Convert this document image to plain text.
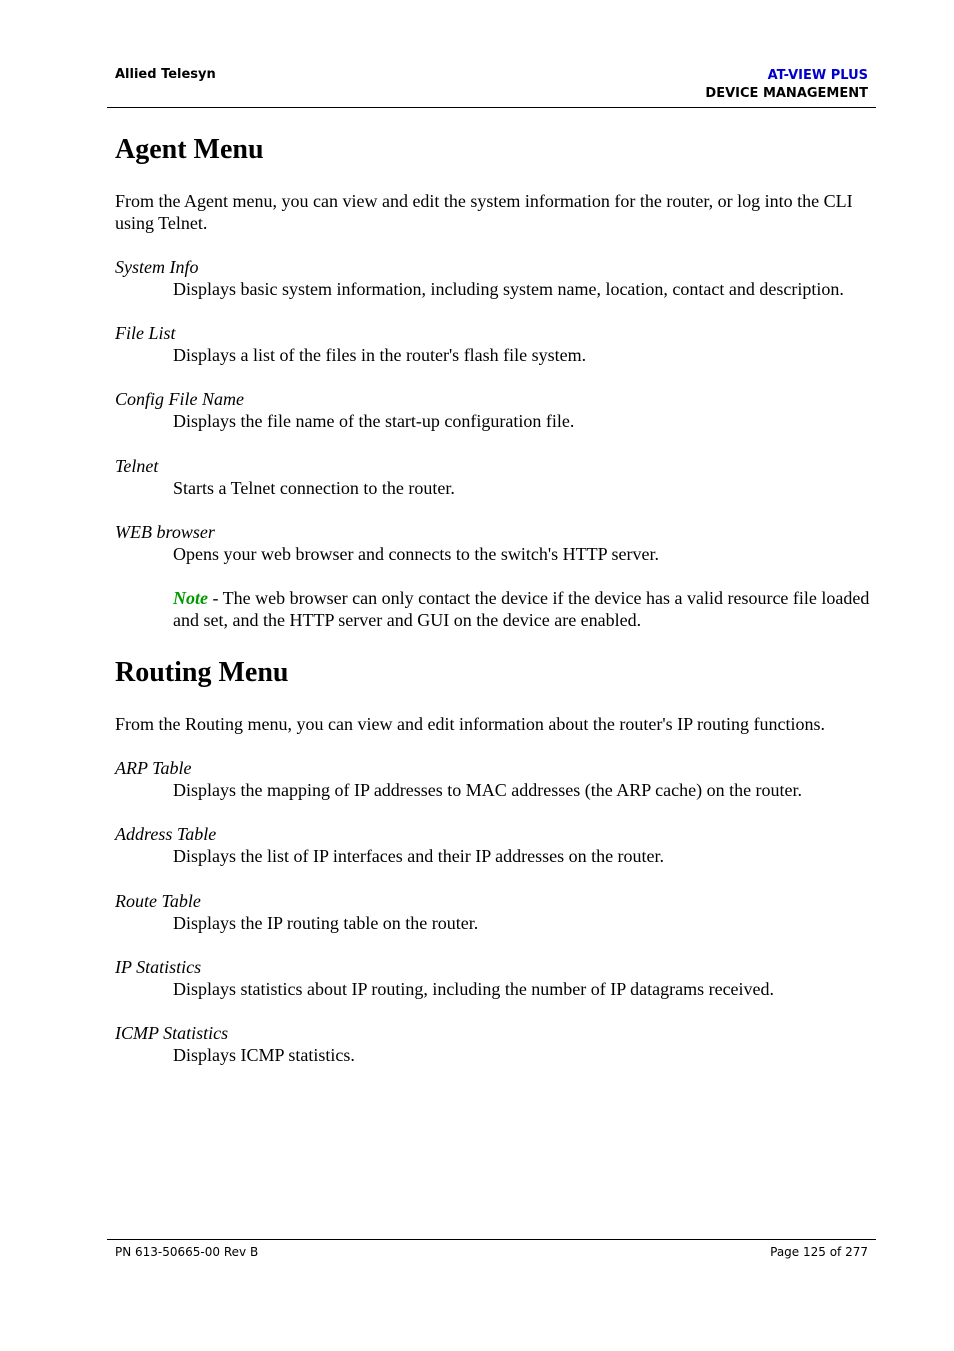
Allied Telesyn	AT-VIEW PLUS
DEVICE MANAGEMENT
Agent Menu

From the Agent menu, you can view and edit the system information for the router, or log into the CLI using Telnet.

System Info

Displays basic system information, including system name, location, contact and description.

File List

Displays a list of the files in the router's flash file system.

Config File Name

Displays the file name of the start-up configuration file.

Telnet

Starts a Telnet connection to the router.

WEB browser

Opens your web browser and connects to the switch's HTTP server.

Note - The web browser can only contact the device if the device has a valid resource file loaded and set, and the HTTP server and GUI on the device are enabled.

Routing Menu

From the Routing menu, you can view and edit information about the router's IP routing functions.

ARP Table

Displays the mapping of IP addresses to MAC addresses (the ARP cache) on the router.

Address Table

Displays the list of IP interfaces and their IP addresses on the router.

Route Table

Displays the IP routing table on the router.

IP Statistics

Displays statistics about IP routing, including the number of IP datagrams received.

ICMP Statistics

Displays ICMP statistics.

PN 613-50665-00 Rev B	Page 125 of 277
